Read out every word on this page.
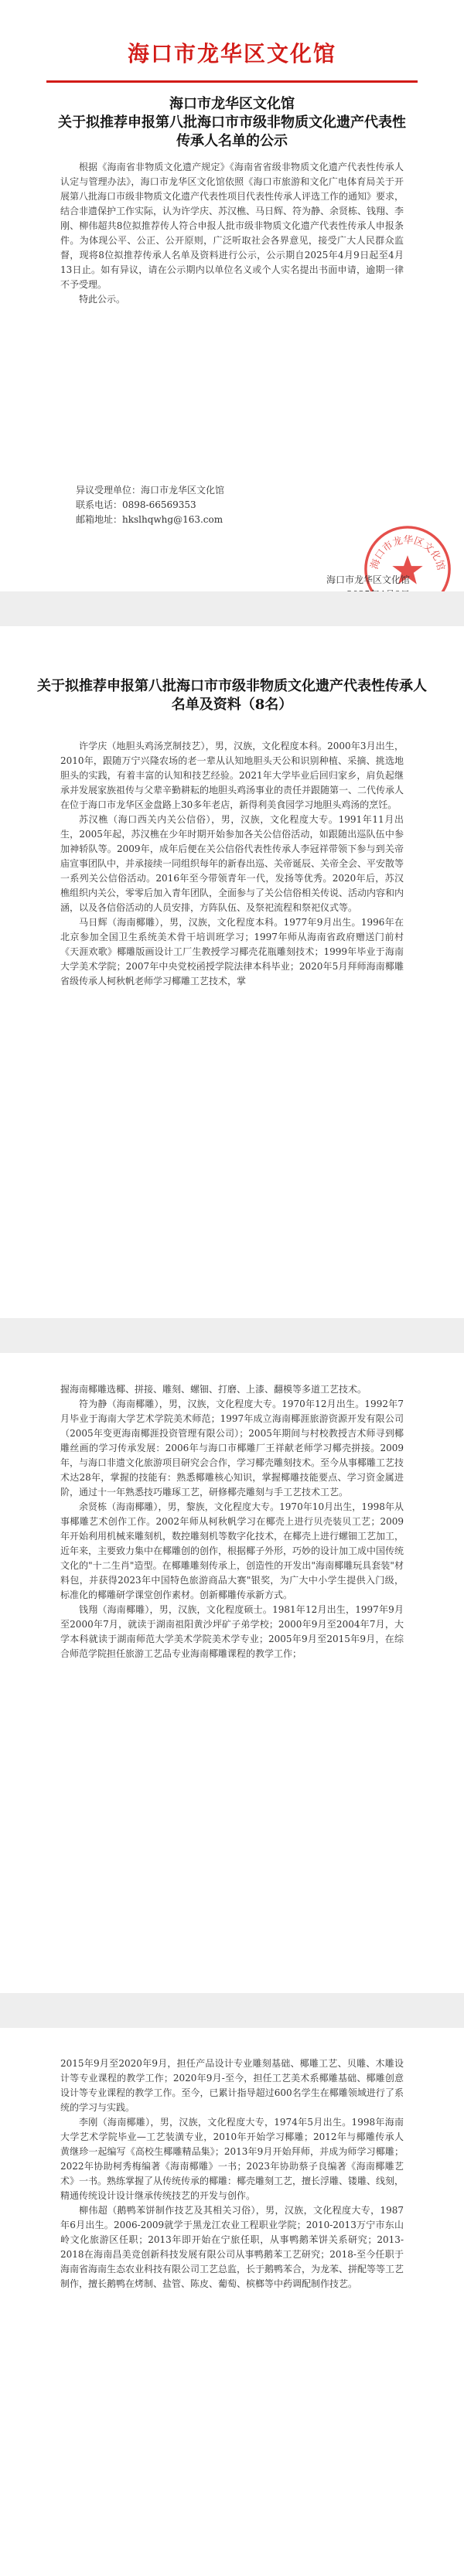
海口市龙华区文化馆
海口市龙华区文化馆
关于拟推荐申报第八批海口市市级非物质文化遗产代表性传承人名单的公示

根据《海南省非物质文化遗产规定》《海南省省级非物质文化遗产代表性传承人认定与管理办法》，海口市龙华区文化馆依照《海口市旅游和文化广电体育局关于开展第八批海口市级非物质文化遗产代表性项目代表性传承人评选工作的通知》要求，结合非遗保护工作实际，认为许学庆、苏汉樵、马日辉、符为静、余贤栋、钱翔、李刚、柳伟超共8位拟推荐传人符合申报人批市级非物质文化遗产代表性传承人申报条件。为体现公平、公正、公开原则，广泛听取社会各界意见，接受广大人民群众监督，现将8位拟推荐传承人名单及资料进行公示，公示期自2025年4月9日起至4月13日止。如有异议，请在公示期内以单位名义或个人实名提出书面申请，逾期一律不予受理。

特此公示。

异议受理单位：海口市龙华区文化馆
联系电话：0898-66569353
邮箱地址：hkslhqwhg@163.com
海口市龙华区文化馆
海口市龙华区文化馆
关于拟推荐申报第八批海口市市级非物质文化遗产代表性传承人名单及资料（8名）

许学庆（地胆头鸡汤烹制技艺），男，汉族，文化程度本科。2000年3月出生，2010年，跟随万宁兴隆农场的老一辈从认知地胆头天公和识别种植、采摘、挑选地胆头的实践，有着丰富的认知和技艺经验。2021年大学毕业后回归家乡，肩负起继承并发展家族祖传与父辈辛勤耕耘的地胆头鸡汤事业的责任并跟随第一、二代传承人在位于海口市龙华区金盘路上30多年老店，新得利美食园学习地胆头鸡汤的烹饪。

苏汉樵（海口西关内关公信俗），男，汉族，文化程度大专。1991年11月出生，2005年起，苏汉樵在少年时期开始参加各关公信俗活动，如跟随出巡队伍中参加神轿队等。2009年，成年后便在关公信俗代表性传承人李冠祥带领下参与到关帝庙宣事团队中，并承接续一同组织每年的新春出巡、关帝诞辰、关帝全会、平安散等一系列关公信俗活动。2016年至今带领青年一代，发扬等优秀。2020年后，苏汉樵组织内关公，零零后加入青年团队，全面参与了关公信俗相关传说、活动内容和内涵，以及各信俗活动的人员安排，方阵队伍、及祭祀流程和祭祀仪式等。

马日辉（海南椰雕），男，汉族，文化程度本科。1977年9月出生。1996年在北京参加全国卫生系统美术骨干培训班学习；1997年师从海南省政府赠送门前村《天涯欢歌》椰雕版画设计工厂生教授学习椰壳花瓶雕刻技术；1999年毕业于海南大学美术学院；2007年中央党校函授学院法律本科毕业；2020年5月拜师海南椰雕省级传承人柯秋帆老师学习椰雕工艺技术，掌

握海南椰雕选椰、拼接、雕刻、螺钿、打磨、上漆、翻模等多道工艺技术。

符为静（海南椰雕），男，汉族，文化程度大专。1970年12月出生。1992年7月毕业于海南大学艺术学院美术师范；1997年成立海南椰涯旅游资源开发有限公司（2005年变更海南椰涯投资管理有限公司）；2005年期间与村校教授吉术师寻到椰雕丝画的学习传承发展：2006年与海口市椰雕厂王祥献老师学习椰壳拼接。2009年，与海口非遗文化旅游项目研究会合作，学习椰壳雕刻技术。至今从事椰雕工艺技术达28年，掌握的技能有：熟悉椰雕核心知识，掌握椰雕技能要点、学习资金属进阶，通过十一年熟悉技巧雕琢工艺，研修椰壳雕刻与手工艺技术工艺。

余贤栋（海南椰雕），男，黎族，文化程度大专。1970年10月出生，1998年从事椰雕艺术创作工作。2002年师从柯秋帆学习在椰壳上进行贝壳装贝工艺；2009年开始利用机械来雕刻机，数控雕刻机等数字化技术，在椰壳上进行螺钿工艺加工，近年来，主要致力集中在椰雕创的创作，根据椰子外形，巧妙的设计加工成中国传统文化的"十二生肖"造型。在椰雕雕刻传承上，创造性的开发出"海南椰雕玩具套装"材料包，并获得2023年中国特色旅游商品大赛"银奖，为广大中小学生提供入门级，标准化的椰雕研学课堂创作素材。创新椰雕传承新方式。

钱翔（海南椰雕），男，汉族，文化程度硕士。1981年12月出生，1997年9月至2000年7月，就读于湖南祖阳黄沙坪矿子弟学校；2000年9月至2004年7月，大学本科就读于湖南师范大学美术学院美术学专业；2005年9月至2015年9月，在综合师范学院担任旅游工艺品专业海南椰雕课程的教学工作；

2015年9月至2020年9月，担任产品设计专业雕刻基础、椰雕工艺、贝雕、木雕设计等专业课程的教学工作；2020年9月-至今，担任工艺美术系椰雕基础、椰雕创意设计等专业课程的教学工作。至今，已累计指导超过600名学生在椰雕领域进行了系统的学习与实践。

李刚（海南椰雕），男，汉族，文化程度大专，1974年5月出生。1998年海南大学艺术学院毕业—工艺装潢专业，2010年开始学习椰雕；2012年与椰雕传承人黄继珍一起编写《高校生椰雕精品集》；2013年9月开始拜师，并成为师学习椰雕；2022年协助柯秀梅编著《海南椰雕》一书；2023年协助蔡子良编著《海南椰雕艺术》一书。熟练掌握了从传统传承的椰雕：椰壳雕刻工艺，擅长浮雕、镂雕、线刻，精通传统设计设计继承传统技艺的开发与创作。

柳伟超（鹅鸭苯饼制作技艺及其相关习俗），男，汉族，文化程度大专，1987年6月出生。2006-2009就学于黑龙江农业工程职业学院；2010-2013万宁市东山岭文化旅游区任职；2013年即开始在宁旅任职，从事鸭鹅苯饼关系研究；2013-2018在海南昌美竞创新科技发展有限公司从事鸭鹅苯工艺研究；2018-至今任职于海南省海南生态农业科技有限公司工艺总监，长于鹅鸭苯合，为龙苯、拼配等等工艺制作，擅长鹅鸭在烤制、盐管、陈皮、葡萄、槟榔等中药调配制作技艺。
